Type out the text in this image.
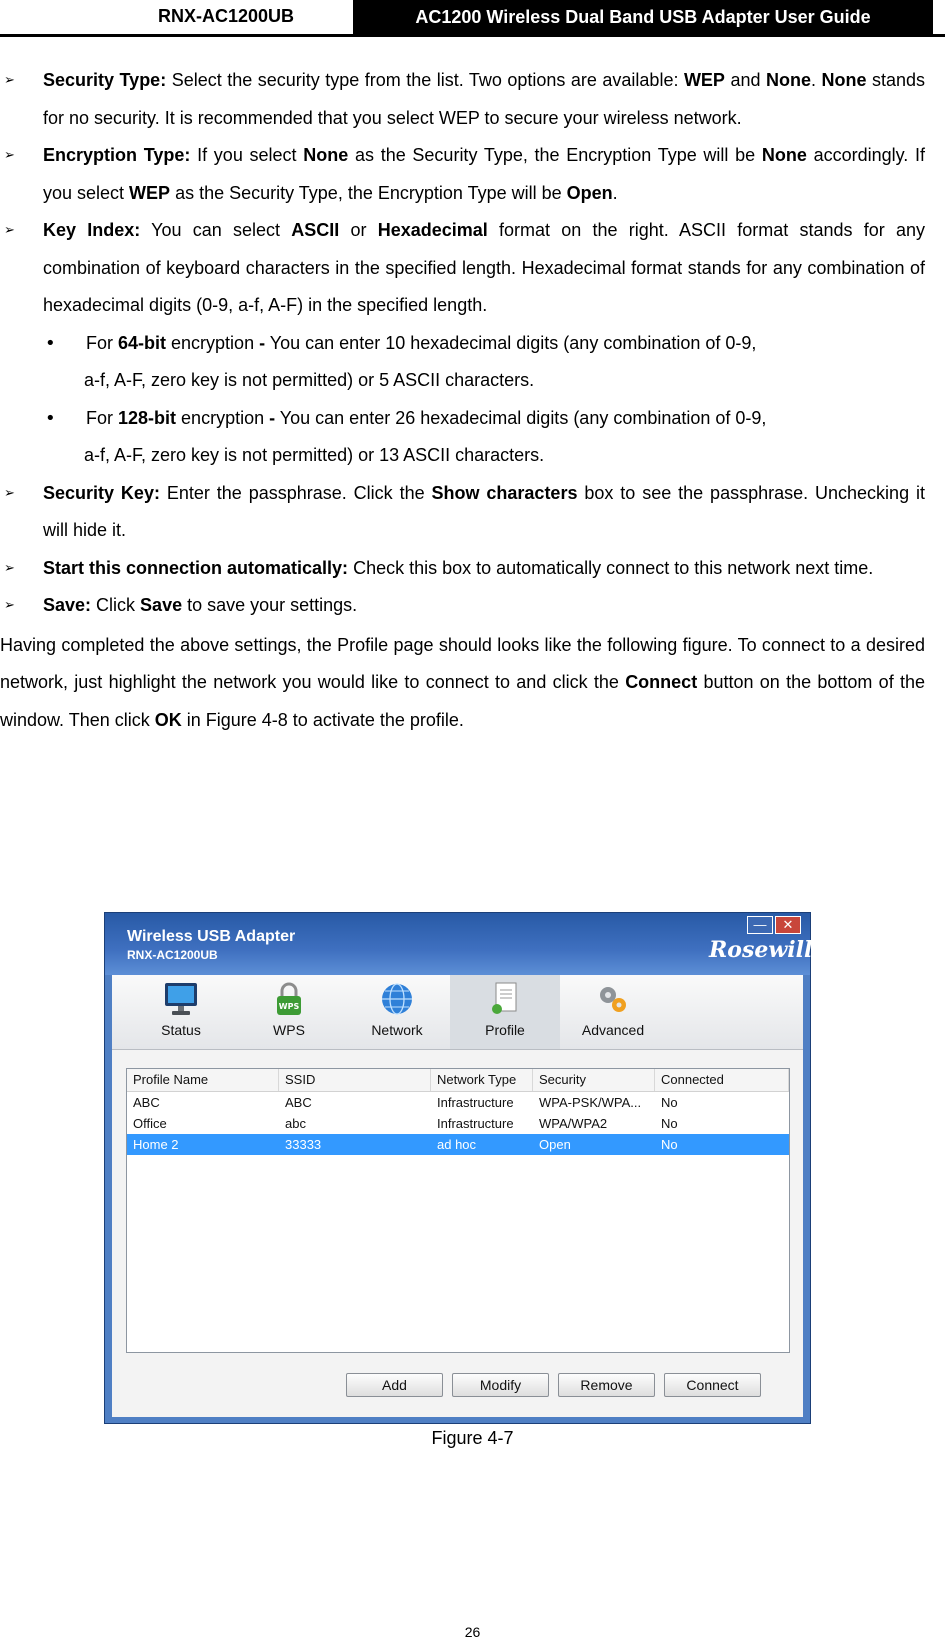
RNX-AC1200UB	AC1200 Wireless Dual Band USB Adapter User Guide

➢ Security Type: Select the security type from the list. Two options are available: WEP and None. None stands for no security. It is recommended that you select WEP to secure your wireless network.

➢ Encryption Type: If you select None as the Security Type, the Encryption Type will be None accordingly. If you select WEP as the Security Type, the Encryption Type will be Open.

➢ Key Index: You can select ASCII or Hexadecimal format on the right. ASCII format stands for any combination of keyboard characters in the specified length. Hexadecimal format stands for any combination of hexadecimal digits (0-9, a-f, A-F) in the specified length.

• For 64-bit encryption - You can enter 10 hexadecimal digits (any combination of 0-9,
a-f, A-F, zero key is not permitted) or 5 ASCII characters.

• For 128-bit encryption - You can enter 26 hexadecimal digits (any combination of 0-9,
a-f, A-F, zero key is not permitted) or 13 ASCII characters.

➢ Security Key: Enter the passphrase. Click the Show characters box to see the passphrase. Unchecking it will hide it.

➢ Start this connection automatically: Check this box to automatically connect to this network next time.

➢ Save: Click Save to save your settings.

Having completed the above settings, the Profile page should looks like the following figure. To connect to a desired network, just highlight the network you would like to connect to and click the Connect button on the bottom of the window. Then click OK in Figure 4-8 to activate the profile.

Wireless USB Adapter
RNX-AC1200UB
—	✕
Rosewill®
Status
WPS
WPS	Network	Profile	Advanced
Profile Name	SSID	Network Type	Security	Connected
ABC	ABC	Infrastructure	WPA-PSK/WPA...	No
Office	abc	Infrastructure	WPA/WPA2	No
Home 2	33333	ad hoc	Open	No
Add	Modify	Remove	Connect
Figure 4-7
26
